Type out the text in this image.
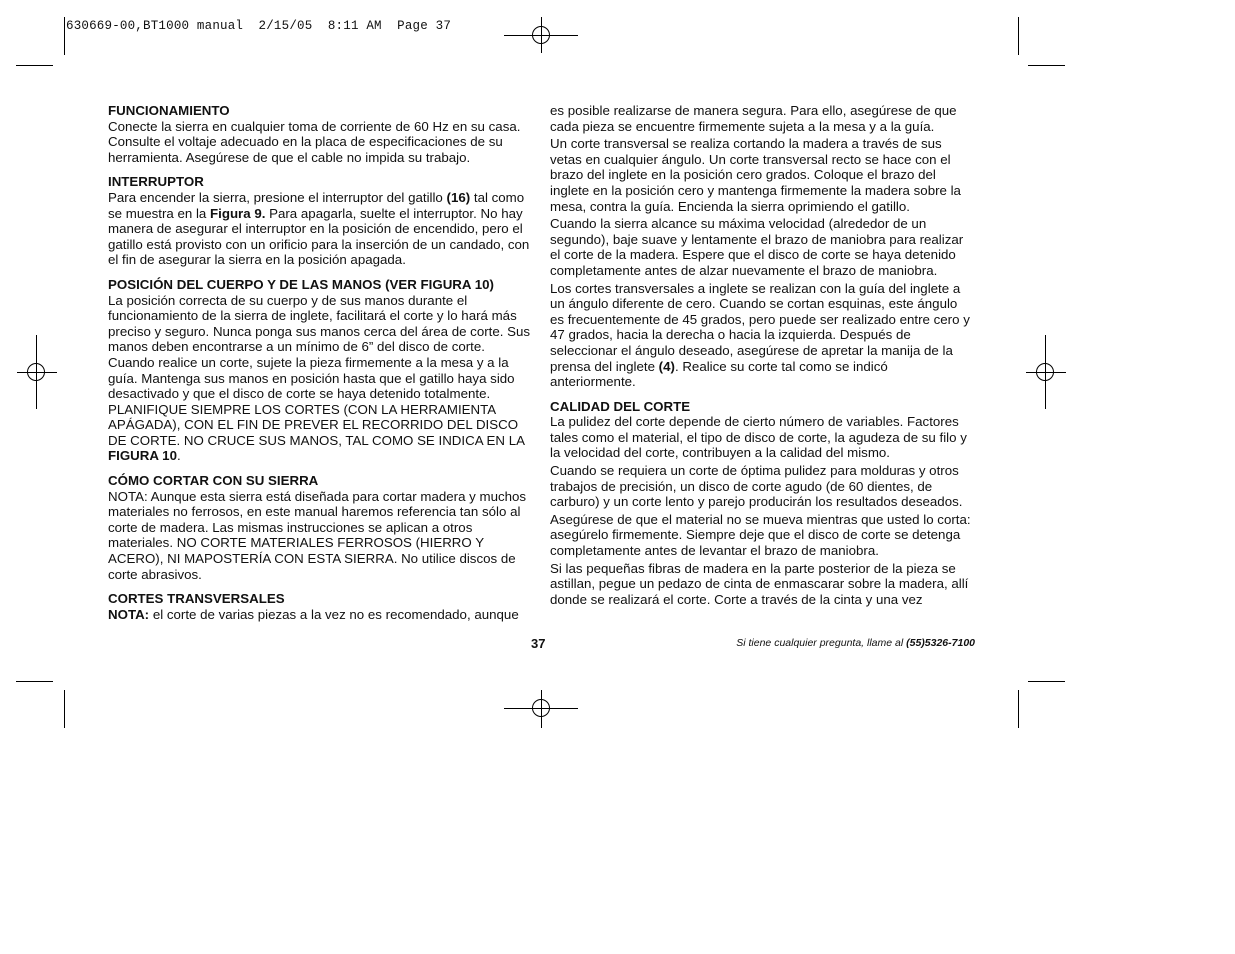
630669-00,BT1000 manual  2/15/05  8:11 AM  Page 37

FUNCIONAMIENTO

Conecte la sierra en cualquier toma de corriente de 60 Hz en su casa. Consulte el voltaje adecuado en la placa de especificaciones de su herramienta. Asegúrese de que el cable no impida su trabajo.

INTERRUPTOR

Para encender la sierra, presione el interruptor del gatillo (16) tal como se muestra en la Figura 9. Para apagarla, suelte el interruptor. No hay manera de asegurar el interruptor en la posición de encendido, pero el gatillo está provisto con un orificio para la inserción de un candado, con el fin de asegurar la sierra en la posición apagada.

POSICIÓN DEL CUERPO Y DE LAS MANOS (VER FIGURA 10)

La posición correcta de su cuerpo y de sus manos durante el funcionamiento de la sierra de inglete, facilitará el corte y lo hará más preciso y seguro. Nunca ponga sus manos cerca del área de corte. Sus manos deben encontrarse a un mínimo de 6” del disco de corte. Cuando realice un corte, sujete la pieza firmemente a la mesa y a la guía. Mantenga sus manos en posición hasta que el gatillo haya sido desactivado y que el disco de corte se haya detenido totalmente. PLANIFIQUE SIEMPRE LOS CORTES (CON LA HERRAMIENTA APÁGADA), CON EL FIN DE PREVER EL RECORRIDO DEL DISCO DE CORTE. NO CRUCE SUS MANOS, TAL COMO SE INDICA EN LA FIGURA 10.

CÓMO CORTAR CON SU SIERRA

NOTA: Aunque esta sierra está diseñada para cortar madera y muchos materiales no ferrosos, en este manual haremos referencia tan sólo al corte de madera. Las mismas instrucciones se aplican a otros materiales. NO CORTE MATERIALES FERROSOS (HIERRO Y ACERO), NI MAPOSTERÍA CON ESTA SIERRA. No utilice discos de corte abrasivos.

CORTES TRANSVERSALES

NOTA: el corte de varias piezas a la vez no es recomendado, aunque

es posible realizarse de manera segura. Para ello, asegúrese de que cada pieza se encuentre firmemente sujeta a la mesa y a la guía.

Un corte transversal se realiza cortando la madera a través de sus vetas en cualquier ángulo. Un corte transversal recto se hace con el brazo del inglete en la posición cero grados. Coloque el brazo del inglete en la posición cero y mantenga firmemente la madera sobre la mesa, contra la guía. Encienda la sierra oprimiendo el gatillo.

Cuando la sierra alcance su máxima velocidad (alrededor de un segundo), baje suave y lentamente el brazo de maniobra para realizar el corte de la madera. Espere que el disco de corte se haya detenido completamente antes de alzar nuevamente el brazo de maniobra.

Los cortes transversales a inglete se realizan con la guía del inglete a un ángulo diferente de cero. Cuando se cortan esquinas, este ángulo es frecuentemente de 45 grados, pero puede ser realizado entre cero y 47 grados, hacia la derecha o hacia la izquierda. Después de seleccionar el ángulo deseado, asegúrese de apretar la manija de la prensa del inglete (4). Realice su corte tal como se indicó anteriormente.

CALIDAD DEL CORTE

La pulidez del corte depende de cierto número de variables. Factores tales como el material, el tipo de disco de corte, la agudeza de su filo y la velocidad del corte, contribuyen a la calidad del mismo.

Cuando se requiera un corte de óptima pulidez para molduras y otros trabajos de precisión, un disco de corte agudo (de 60 dientes, de carburo) y un corte lento y parejo producirán los resultados deseados.

Asegúrese de que el material no se mueva mientras que usted lo corta: asegúrelo firmemente. Siempre deje que el disco de corte se detenga completamente antes de levantar el brazo de maniobra.

Si las pequeñas fibras de madera en la parte posterior de la pieza se astillan, pegue un pedazo de cinta de enmascarar sobre la madera, allí donde se realizará el corte. Corte a través de la cinta y una vez

37	Si tiene cualquier pregunta, llame al (55)5326-7100
